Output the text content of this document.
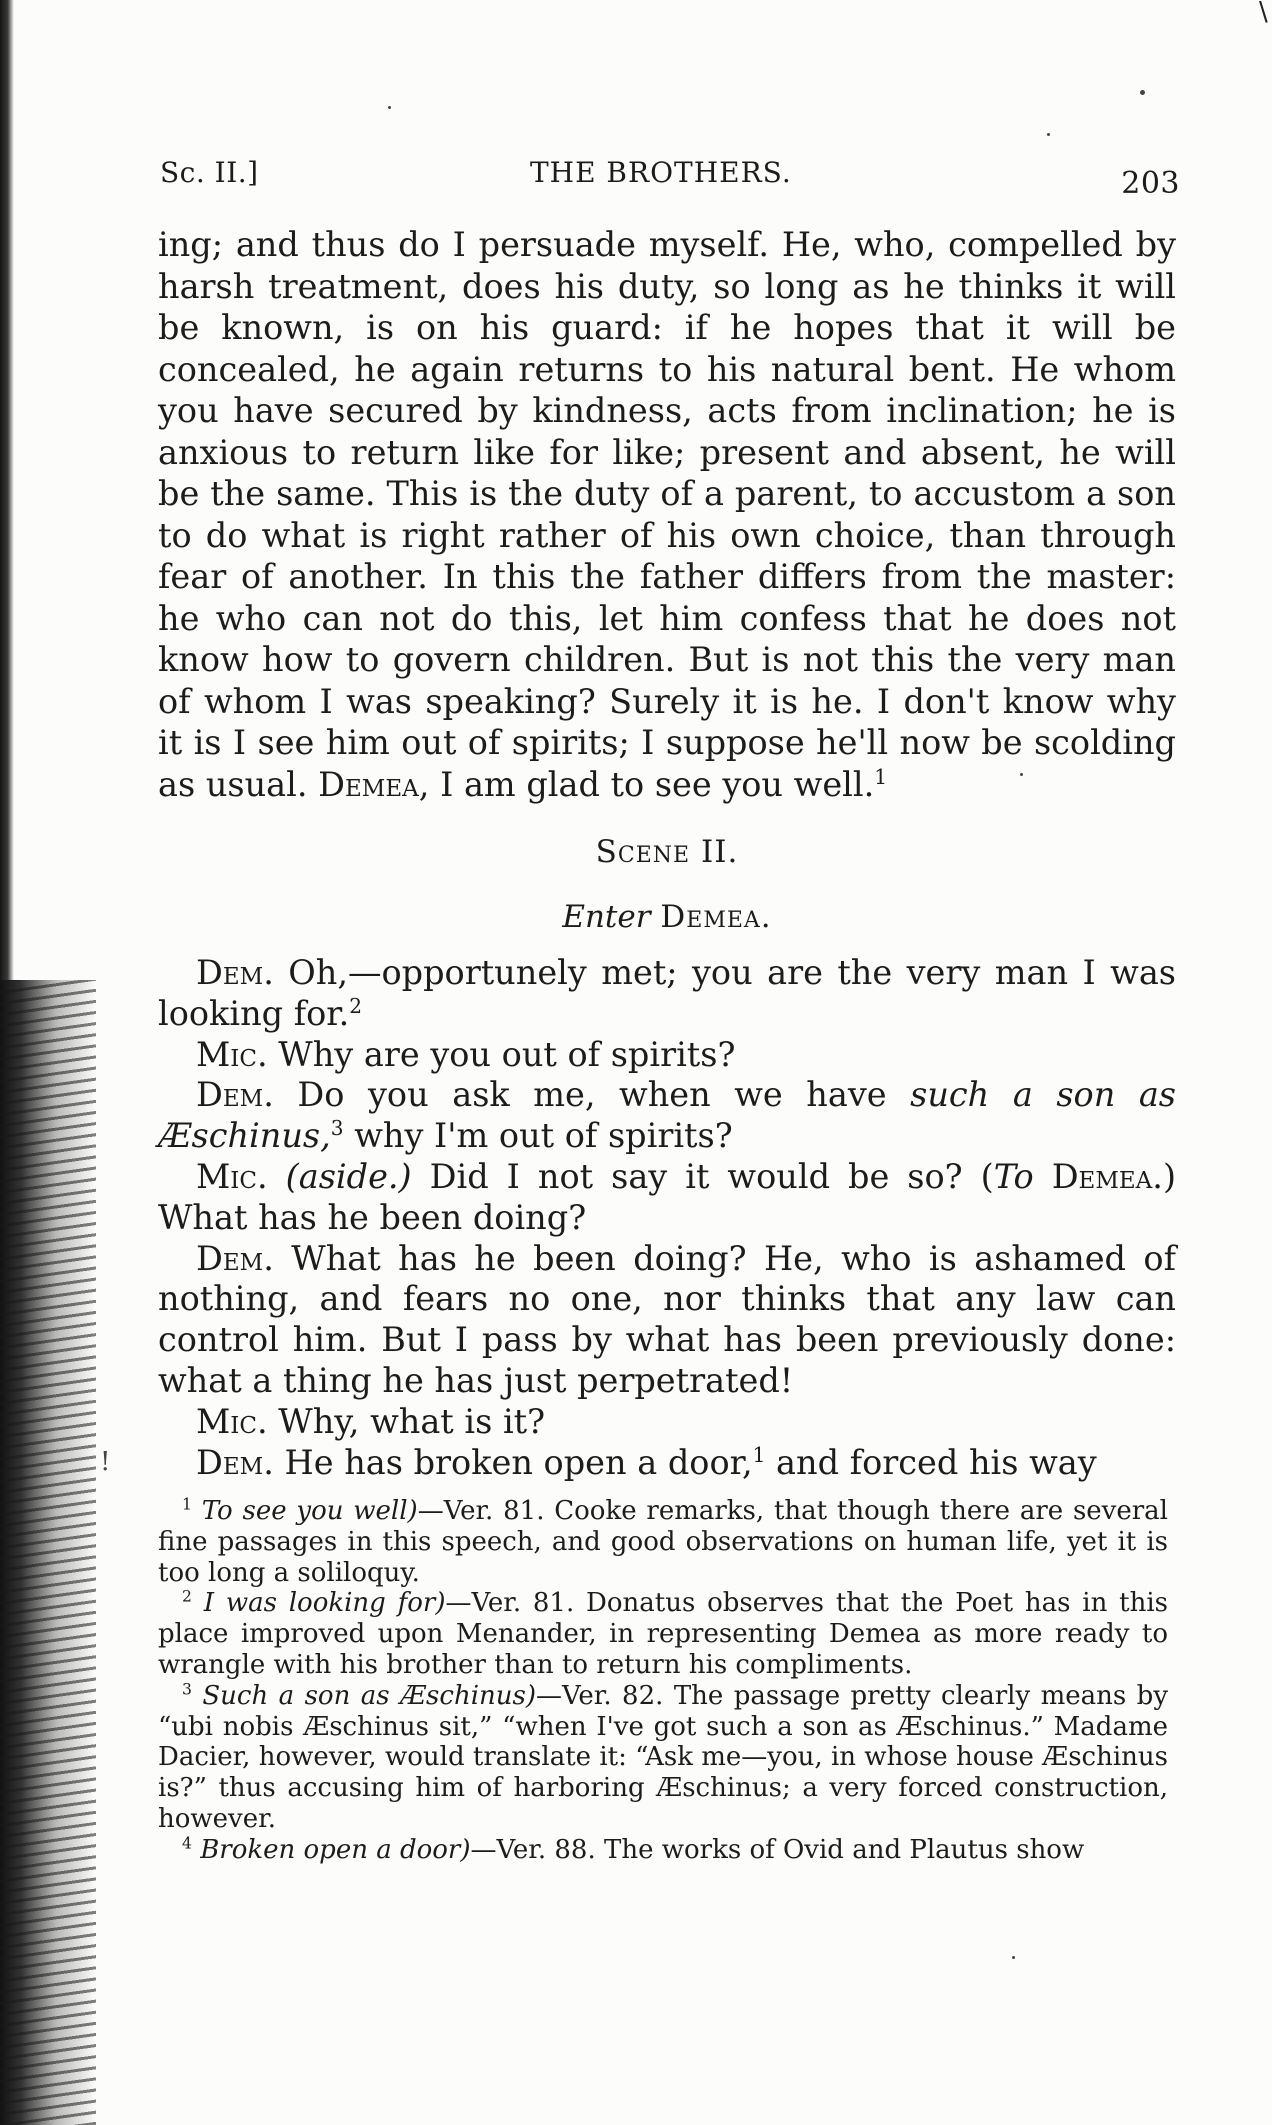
∖
Sc. II.]	THE BROTHERS.	203

ing; and thus do I persuade myself. He, who, compelled by harsh treatment, does his duty, so long as he thinks it will be known, is on his guard: if he hopes that it will be concealed, he again returns to his natural bent. He whom you have secured by kindness, acts from inclination; he is anxious to return like for like; present and absent, he will be the same. This is the duty of a parent, to accustom a son to do what is right rather of his own choice, than through fear of another. In this the father differs from the master: he who can not do this, let him confess that he does not know how to govern children. But is not this the very man of whom I was speaking? Surely it is he. I don't know why it is I see him out of spirits; I suppose he'll now be scolding as usual. Demea, I am glad to see you well.$^1$

Scene II.
Enter Demea.

Dem. Oh,—opportunely met; you are the very man I was looking for.$^2$

Mic. Why are you out of spirits?

Dem. Do you ask me, when we have such a son as Æschinus,$^3$ why I'm out of spirits?

Mic. (aside.) Did I not say it would be so? (To Demea.) What has he been doing?

Dem. What has he been doing? He, who is ashamed of nothing, and fears no one, nor thinks that any law can control him. But I pass by what has been previously done: what a thing he has just perpetrated!

Mic. Why, what is it?

Dem. He has broken open a door,$^1$ and forced his way

!

$^1$ To see you well)—Ver. 81. Cooke remarks, that though there are several fine passages in this speech, and good observations on human life, yet it is too long a soliloquy.

$^2$ I was looking for)—Ver. 81. Donatus observes that the Poet has in this place improved upon Menander, in representing Demea as more ready to wrangle with his brother than to return his compliments.

$^3$ Such a son as Æschinus)—Ver. 82. The passage pretty clearly means by “ubi nobis Æschinus sit,” “when I've got such a son as Æschinus.” Madame Dacier, however, would translate it: “Ask me—you, in whose house Æschinus is?” thus accusing him of harboring Æschinus; a very forced construction, however.

$^4$ Broken open a door)—Ver. 88. The works of Ovid and Plautus show
